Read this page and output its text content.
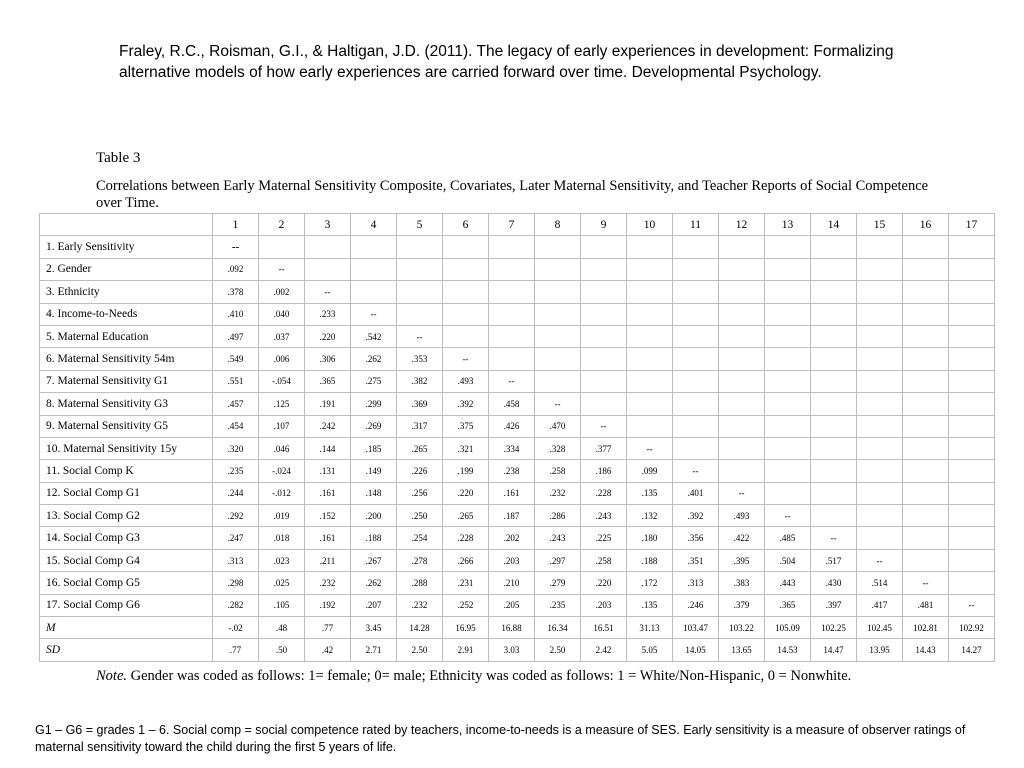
Fraley, R.C., Roisman, G.I., & Haltigan, J.D. (2011). The legacy of early experiences in development: Formalizing alternative models of how early experiences are carried forward over time. Developmental Psychology.
Table 3
Correlations between Early Maternal Sensitivity Composite, Covariates, Later Maternal Sensitivity, and Teacher Reports of Social Competence over Time.
	1	2	3	4	5	6	7	8	9	10	11	12	13	14	15	16	17
1. Early Sensitivity	--																
2. Gender	.092	--															
3. Ethnicity	.378	.002	--														
4. Income-to-Needs	.410	.040	.233	--													
5. Maternal Education	.497	.037	.220	.542	--												
6. Maternal Sensitivity 54m	.549	.006	.306	.262	.353	--											
7. Maternal Sensitivity G1	.551	-.054	.365	.275	.382	.493	--										
8. Maternal Sensitivity G3	.457	.125	.191	.299	.369	.392	.458	--									
9. Maternal Sensitivity G5	.454	.107	.242	.269	.317	.375	.426	.470	--								
10. Maternal Sensitivity 15y	.320	.046	.144	.185	.265	.321	.334	.328	.377	--							
11. Social Comp K	.235	-.024	.131	.149	.226	.199	.238	.258	.186	.099	--						
12. Social Comp G1	.244	-.012	.161	.148	.256	.220	.161	.232	.228	.135	.401	--					
13. Social Comp G2	.292	.019	.152	.200	.250	.265	.187	.286	.243	.132	.392	.493	--				
14. Social Comp G3	.247	.018	.161	.188	.254	.228	.202	.243	.225	.180	.356	.422	.485	--			
15. Social Comp G4	.313	.023	.211	.267	.278	.266	.203	.297	.258	.188	.351	.395	.504	.517	--		
16. Social Comp G5	.298	.025	.232	.262	.288	.231	.210	.279	.220	.172	.313	.383	.443	.430	.514	--	
17. Social Comp G6	.282	.105	.192	.207	.232	.252	.205	.235	.203	.135	.246	.379	.365	.397	.417	.481	--
M	-.02	.48	.77	3.45	14.28	16.95	16.88	16.34	16.51	31.13	103.47	103.22	105.09	102.25	102.45	102.81	102.92
SD	.77	.50	.42	2.71	2.50	2.91	3.03	2.50	2.42	5.05	14.05	13.65	14.53	14.47	13.95	14.43	14.27
Note. Gender was coded as follows: 1= female; 0= male; Ethnicity was coded as follows: 1 = White/Non-Hispanic, 0 = Nonwhite.
G1 – G6 = grades 1 – 6. Social comp = social competence rated by teachers, income-to-needs is a measure of SES. Early sensitivity is a measure of observer ratings of maternal sensitivity toward the child during the first 5 years of life.
